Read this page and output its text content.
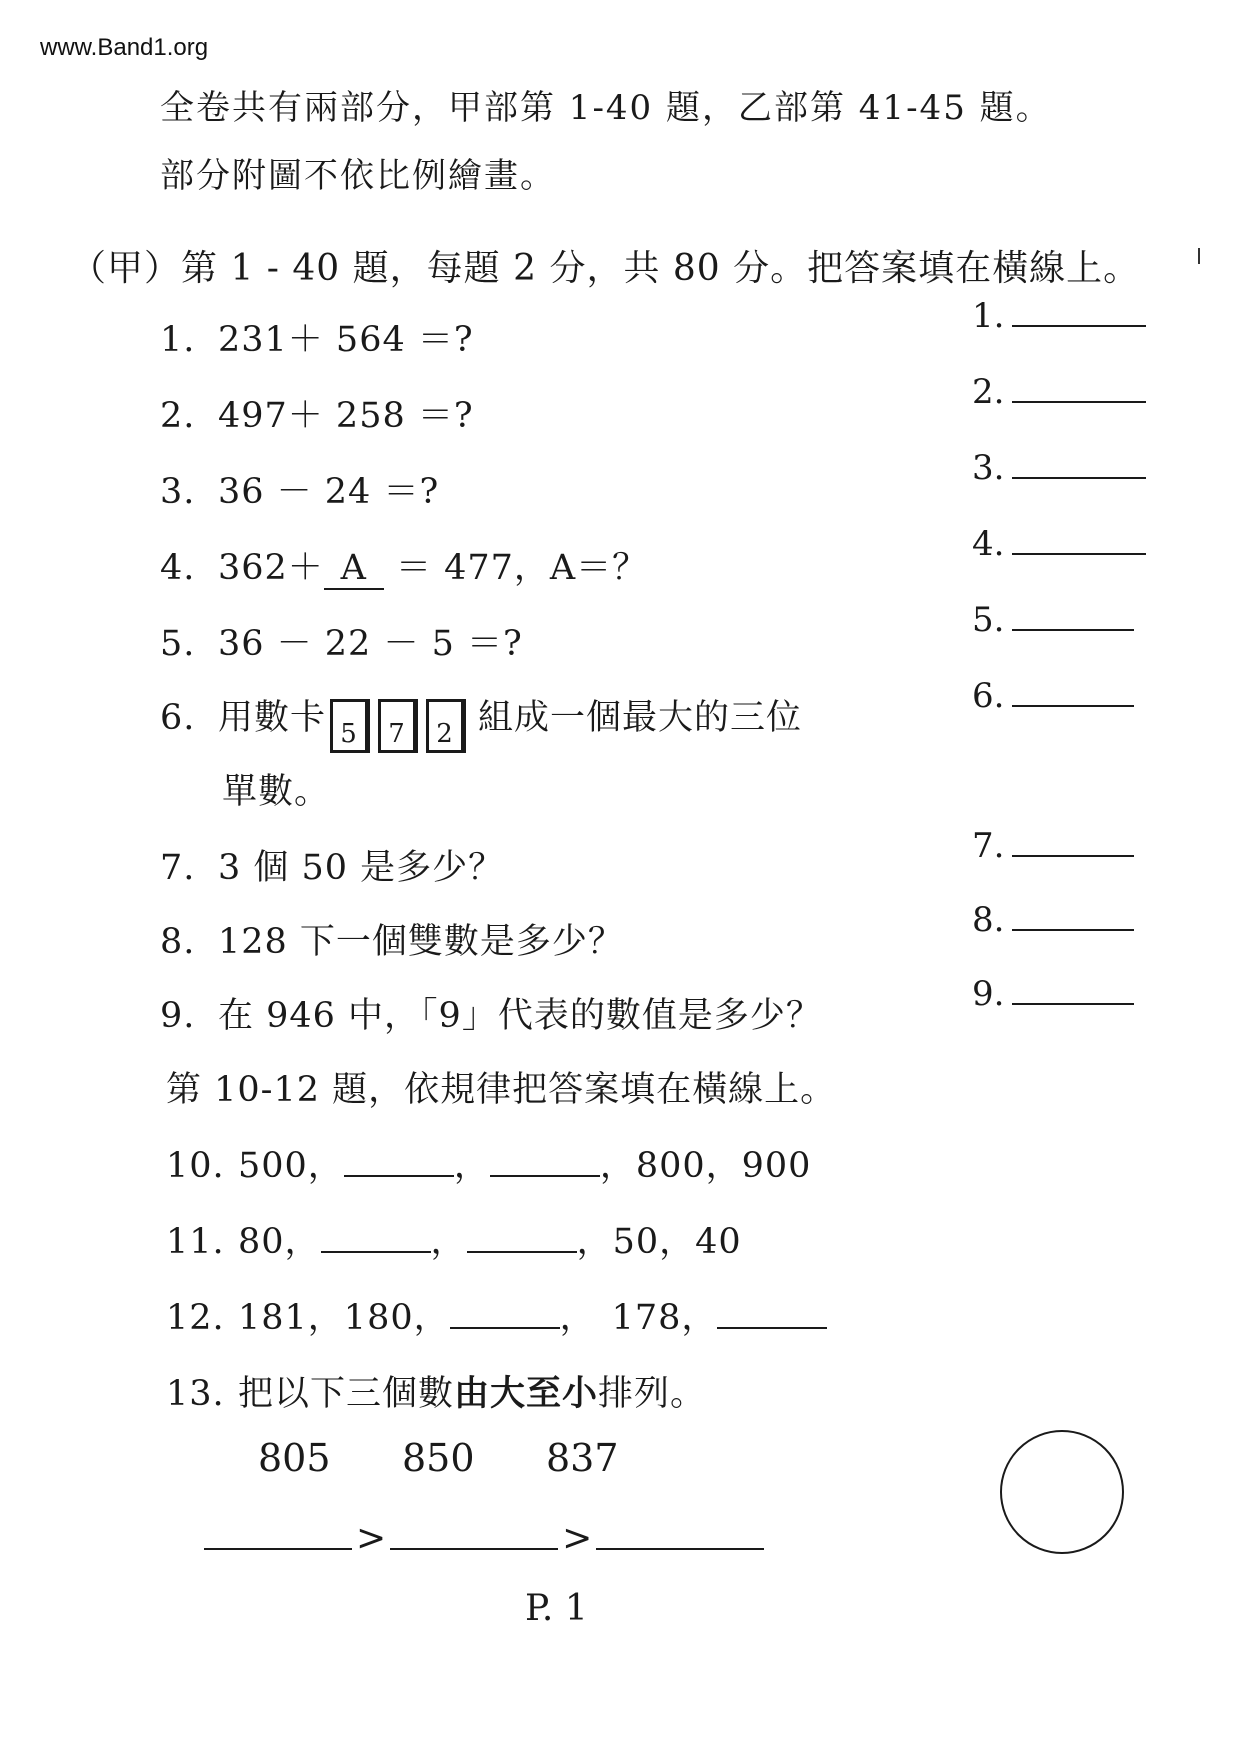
www.Band1.org
全卷共有兩部分，甲部第 1-40 題，乙部第 41-45 題。
部分附圖不依比例繪畫。
（甲）第 1 - 40 題，每題 2 分，共 80 分。把答案填在橫線上。
1. 231＋ 564 ＝?
2. 497＋ 258 ＝?
3. 36 － 24 ＝?
4. 362＋ A ＝ 477，A＝？
5. 36 － 22 － 5 ＝?
6. 用數卡 5 7 2 組成一個最大的三位
單數。
7. 3 個 50 是多少？
8. 128 下一個雙數是多少？
9. 在 946 中，「9」代表的數值是多少？
1.
2.
3.
4.
5.
6.
7.
8.
9.
第 10-12 題，依規律把答案填在橫線上。
10. 500，	，	，800，900
11. 80，	，	，50，40
12. 181，180，	， 178，
13. 把以下三個數由大至小排列。
805 850 837
>	>
P. 1
